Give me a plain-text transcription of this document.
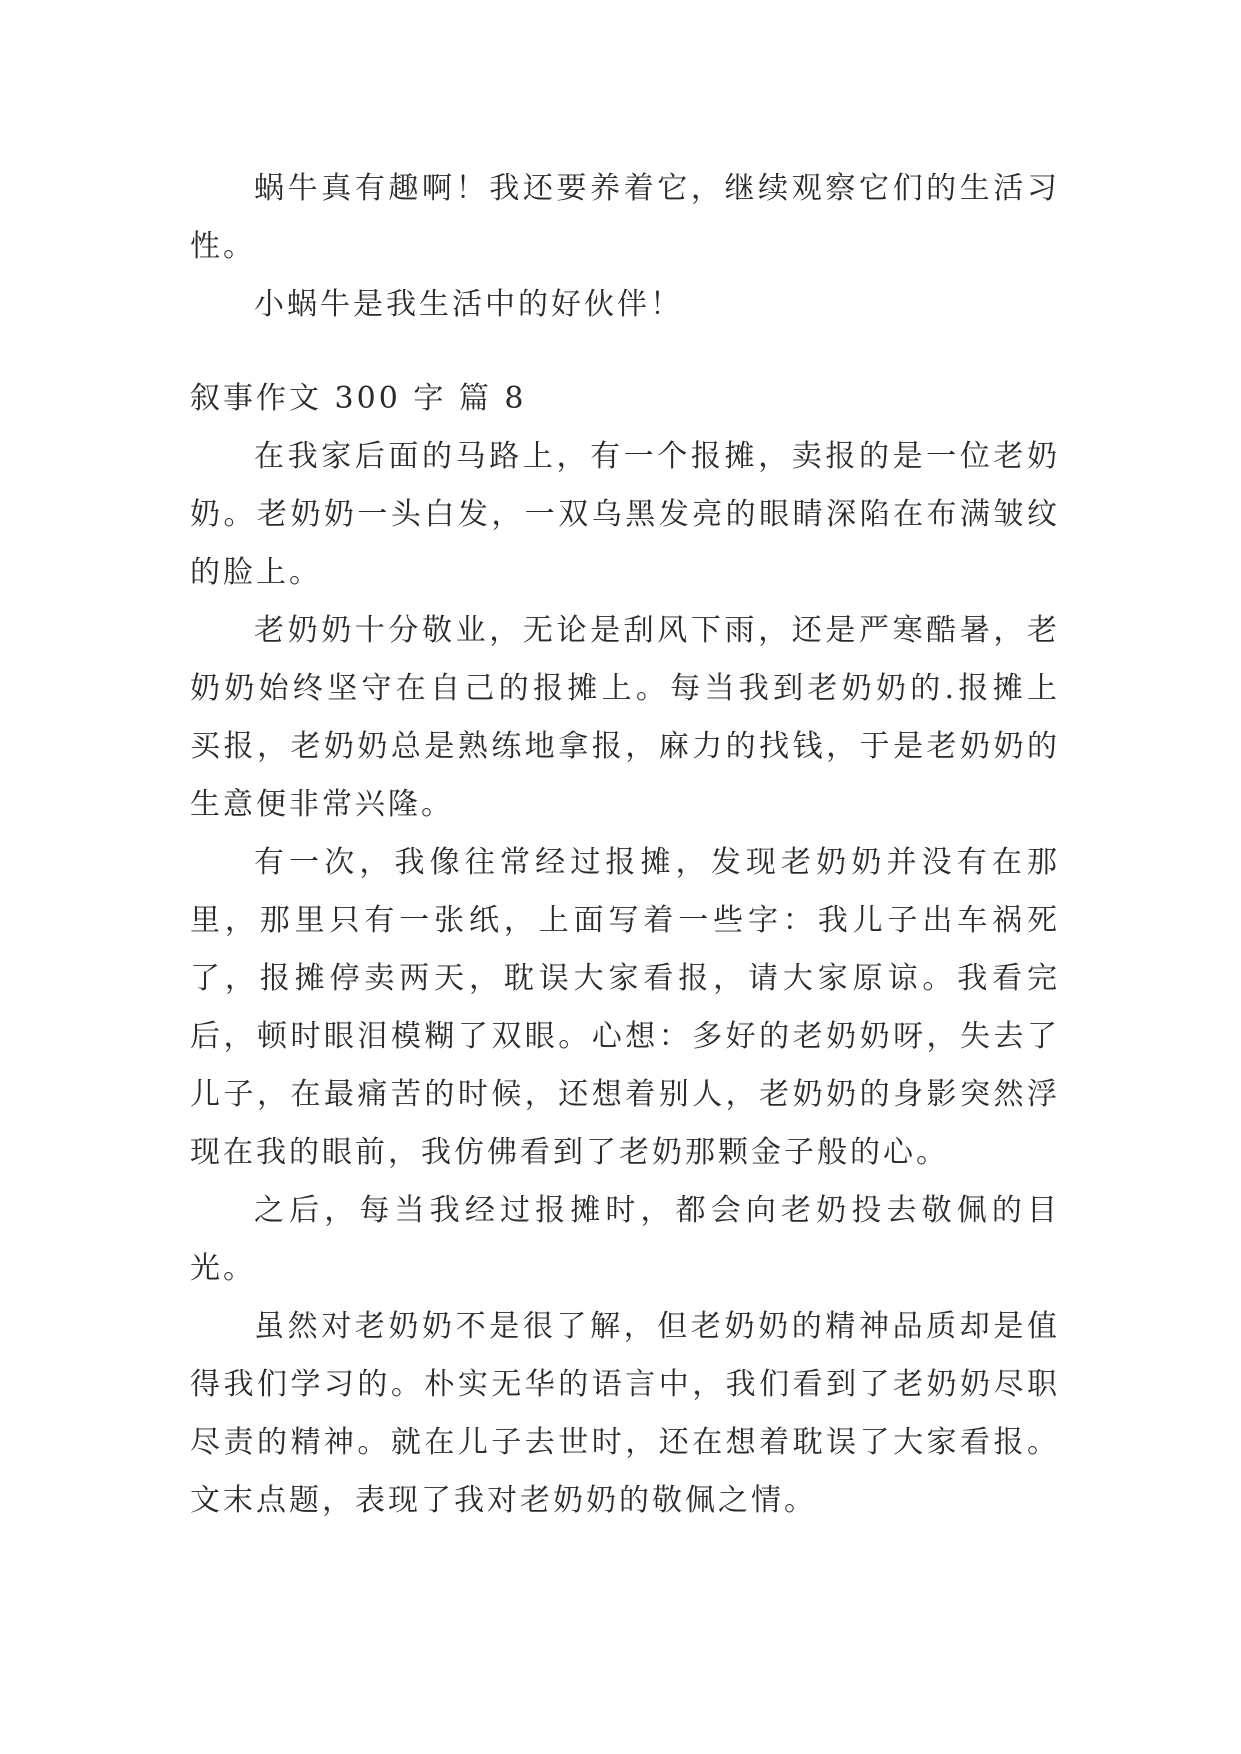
蜗牛真有趣啊！我还要养着它，继续观察它们的生活习性。

小蜗牛是我生活中的好伙伴！

叙事作文 300 字 篇 8

在我家后面的马路上，有一个报摊，卖报的是一位老奶奶。老奶奶一头白发，一双乌黑发亮的眼睛深陷在布满皱纹的脸上。

老奶奶十分敬业，无论是刮风下雨，还是严寒酷暑，老奶奶始终坚守在自己的报摊上。每当我到老奶奶的.报摊上买报，老奶奶总是熟练地拿报，麻力的找钱，于是老奶奶的生意便非常兴隆。

有一次，我像往常经过报摊，发现老奶奶并没有在那里，那里只有一张纸，上面写着一些字：我儿子出车祸死了，报摊停卖两天，耽误大家看报，请大家原谅。我看完后，顿时眼泪模糊了双眼。心想：多好的老奶奶呀，失去了儿子，在最痛苦的时候，还想着别人，老奶奶的身影突然浮现在我的眼前，我仿佛看到了老奶那颗金子般的心。

之后，每当我经过报摊时，都会向老奶投去敬佩的目光。

虽然对老奶奶不是很了解，但老奶奶的精神品质却是值得我们学习的。朴实无华的语言中，我们看到了老奶奶尽职尽责的精神。就在儿子去世时，还在想着耽误了大家看报。文末点题，表现了我对老奶奶的敬佩之情。
